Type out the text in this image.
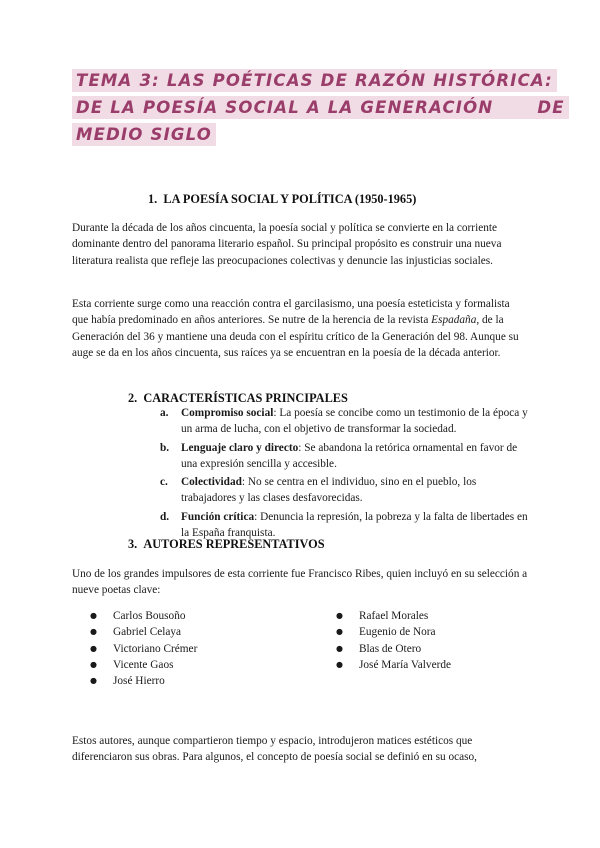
TEMA 3: LAS POÉTICAS DE RAZÓN HISTÓRICA:
DE LA POESÍA SOCIAL A LA GENERACIÓN	DE
MEDIO SIGLO
1. LA POESÍA SOCIAL Y POLÍTICA (1950-1965)

Durante la década de los años cincuenta, la poesía social y política se convierte en la corriente dominante dentro del panorama literario español. Su principal propósito es construir una nueva literatura realista que refleje las preocupaciones colectivas y denuncie las injusticias sociales.

Esta corriente surge como una reacción contra el garcilasismo, una poesía esteticista y formalista que había predominado en años anteriores. Se nutre de la herencia de la revista Espadaña, de la Generación del 36 y mantiene una deuda con el espíritu crítico de la Generación del 98. Aunque su auge se da en los años cincuenta, sus raíces ya se encuentran en la poesía de la década anterior.

2. CARACTERÍSTICAS PRINCIPALES
a. Compromiso social: La poesía se concibe como un testimonio de la época y un arma de lucha, con el objetivo de transformar la sociedad.
b. Lenguaje claro y directo: Se abandona la retórica ornamental en favor de una expresión sencilla y accesible.
c. Colectividad: No se centra en el individuo, sino en el pueblo, los trabajadores y las clases desfavorecidas.
d. Función crítica: Denuncia la represión, la pobreza y la falta de libertades en la España franquista.
3. AUTORES REPRESENTATIVOS

Uno de los grandes impulsores de esta corriente fue Francisco Ribes, quien incluyó en su selección a nueve poetas clave:

● Carlos Bousoño
● Gabriel Celaya
● Victoriano Crémer
● Vicente Gaos
● José Hierro
● Rafael Morales
● Eugenio de Nora
● Blas de Otero
● José María Valverde

Estos autores, aunque compartieron tiempo y espacio, introdujeron matices estéticos que diferenciaron sus obras. Para algunos, el concepto de poesía social se definió en su ocaso,
